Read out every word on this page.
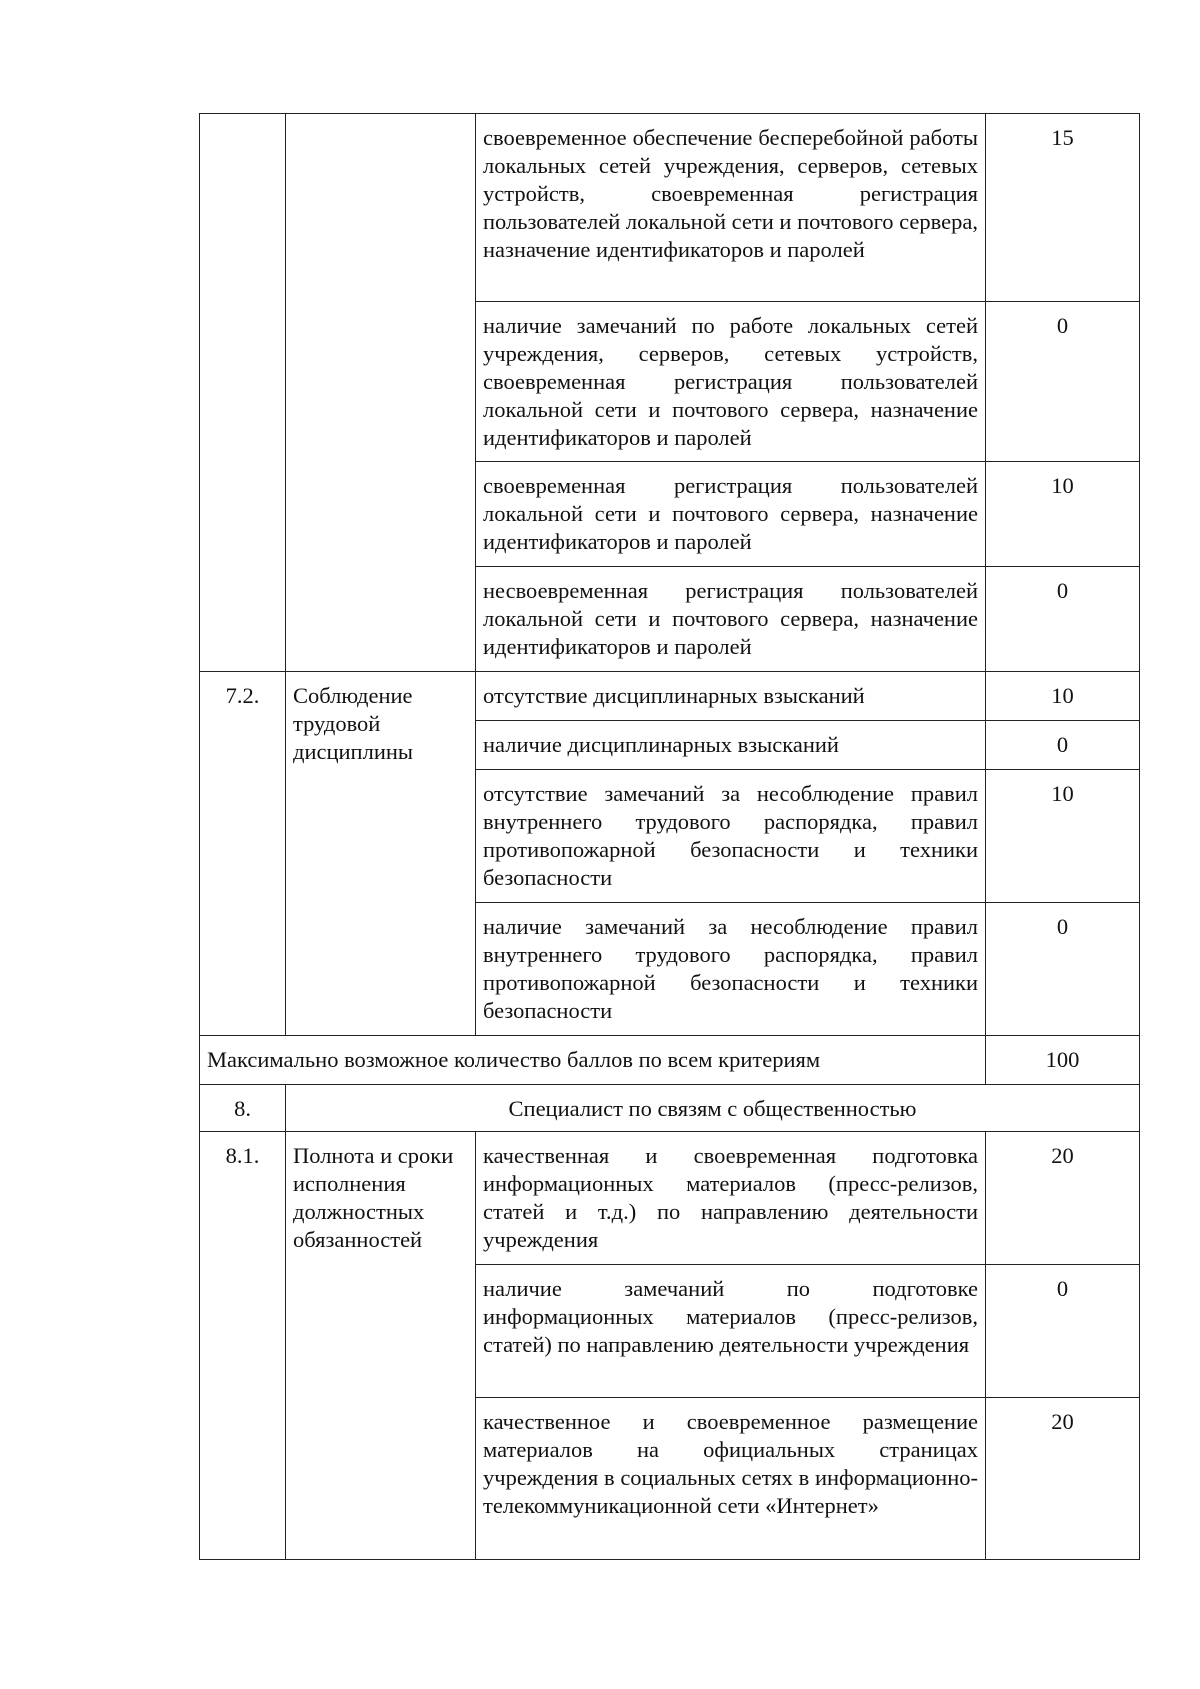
		своевременное обеспечение бесперебойной работы локальных сетей учреждения, серверов, сетевых устройств, своевременная регистрация пользователей локальной сети и почтового сервера, назначение идентификаторов и паролей	15
		наличие замечаний по работе локальных сетей учреждения, серверов, сетевых устройств, своевременная регистрация пользователей локальной сети и почтового сервера, назначение идентификаторов и паролей	0
		своевременная регистрация пользователей локальной сети и почтового сервера, назначение идентификаторов и паролей	10
		несвоевременная регистрация пользователей локальной сети и почтового сервера, назначение идентификаторов и паролей	0
7.2.	Соблюдение трудовой дисциплины	отсутствие дисциплинарных взысканий	10
		наличие дисциплинарных взысканий	0
		отсутствие замечаний за несоблюдение правил внутреннего трудового распорядка, правил противопожарной безопасности и техники безопасности	10
		наличие замечаний за несоблюдение правил внутреннего трудового распорядка, правил противопожарной безопасности и техники безопасности	0
Максимально возможное количество баллов по всем критериям			100
8.	Специалист по связям с общественностью		
8.1.	Полнота и сроки исполнения должностных обязанностей	качественная и своевременная подготовка информационных материалов (пресс-релизов, статей и т.д.) по направлению деятельности учреждения	20
		наличие замечаний по подготовке информационных материалов (пресс-релизов, статей) по направлению деятельности учреждения	0
		качественное и своевременное размещение материалов на официальных страницах учреждения в социальных сетях в информационно-телекоммуникационной сети «Интернет»	20
